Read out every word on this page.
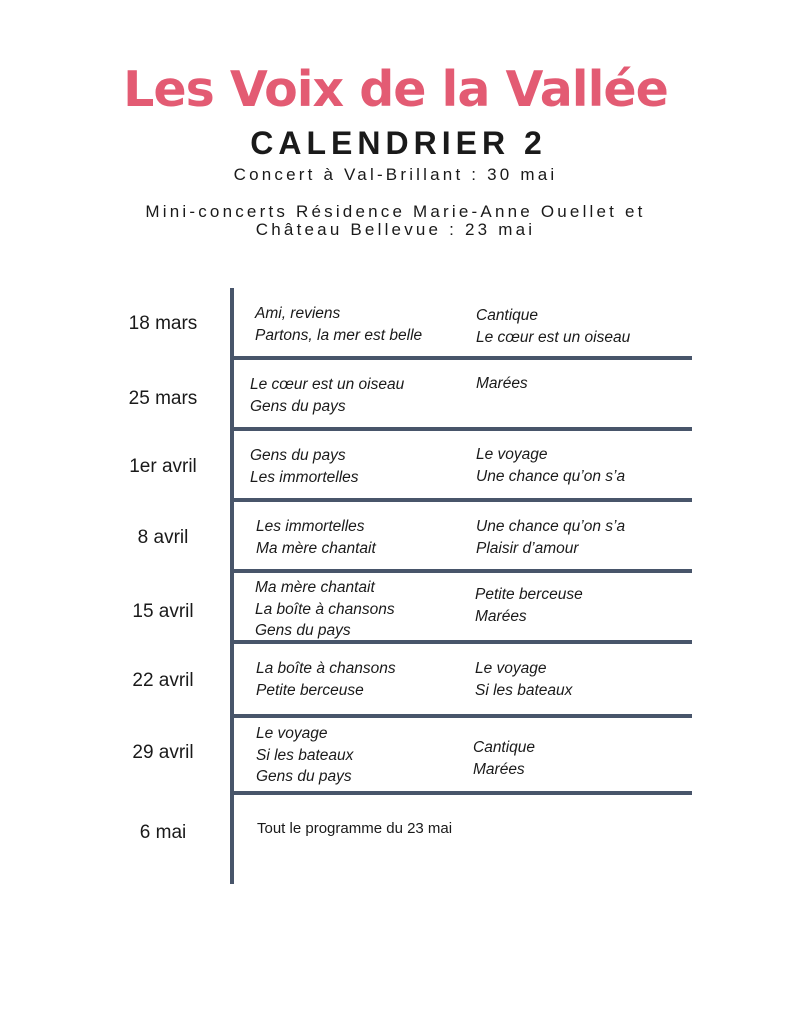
Les Voix de la Vallée
CALENDRIER 2

Concert à Val-Brillant : 30 mai

Mini-concerts Résidence Marie-Anne Ouellet et

Château Bellevue : 23 mai

18 mars	Ami, reviens
Partons, la mer est belle
Cantique
Le cœur est un oiseau
25 mars
Le cœur est un oiseau
Gens du pays
Marées
1er avril
Gens du pays
Les immortelles
Le voyage
Une chance qu’on s’a
8 avril
Les immortelles
Ma mère chantait
Une chance qu’on s’a
Plaisir d’amour
15 avril
Ma mère chantait
La boîte à chansons
Gens du pays
Petite berceuse
Marées
22 avril
La boîte à chansons
Petite berceuse
Le voyage
Si les bateaux
29 avril
Le voyage
Si les bateaux
Gens du pays
Cantique
Marées
6 mai	Tout le programme du 23 mai
